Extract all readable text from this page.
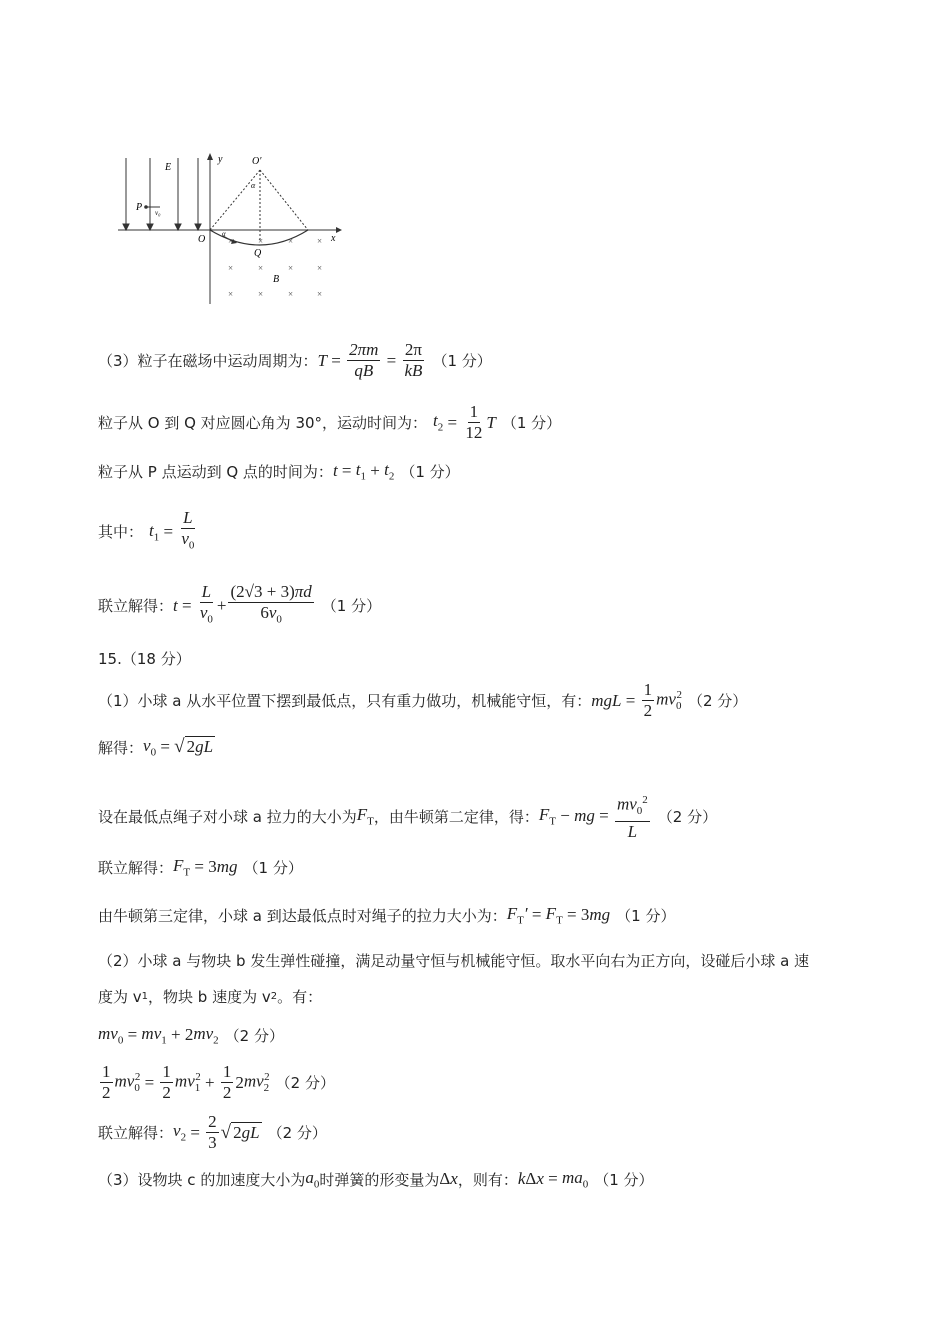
E
P v₀
y
x
O
O′
α
α
Q
×	×	×	×
×	×	×	×
×	×	×	×
B
（3）粒子在磁场中运动周期为： $T = \frac{2\pi m}{qB} = \frac{2\pi}{kB} (1$ 分）
粒子从 O 到 Q 对应圆心角为 30°，运动时间为： $t_2 = \frac{1}{12}$ T （1 分）
粒子从 P 点运动到 Q 点的时间为： $t = t_1 + t_2$ （1 分）
其中： $t_1 = \frac{L}{v_0}$
联立解得： $t = \frac{L}{v_0} + \frac{(2√3 + 3)\pi d}{6v_0} (1$ 分）
15.（18 分）
（1）小球 a 从水平位置下摆到最低点，只有重力做功，机械能守恒，有： mgL = $\frac{1}{2} mv_0^2$ （2 分）
解得： $v_0$ = √ 2gL
设在最低点绳子对小球 a 拉力的大小为 $F_T$ ，由牛顿第二定律，得： $F_T$ − mg = $\frac{mv_0^2}{L} (2$ 分）
联立解得： $F_T = 3$ mg （1 分）
由牛顿第三定律，小球 a 到达最低点时对绳子的拉力大小为： $F_T' = F_T = 3$ mg （1 分）
（2）小球 a 与物块 b 发生弹性碰撞，满足动量守恒与机械能守恒。取水平向右为正方向，设碰后小球 a 速
度为 v 1 ，物块 b 速度为 v 2 。有：
$mv_0 = mv_1 + 2$ $mv_2$ （2 分）
$\frac{1}{2} mv_0^2 = \frac{1}{2} mv_1^2 + \frac{1}{2} 2$ $mv_2^2$ （2 分）
联立解得： $v_2 = \frac{2}{3}$ √ 2gL （2 分）
（3）设物块 c 的加速度大小为 $a_0$ 时弹簧的形变量为 Δ x ，则有： k Δ $x = ma_0$ （1 分）
